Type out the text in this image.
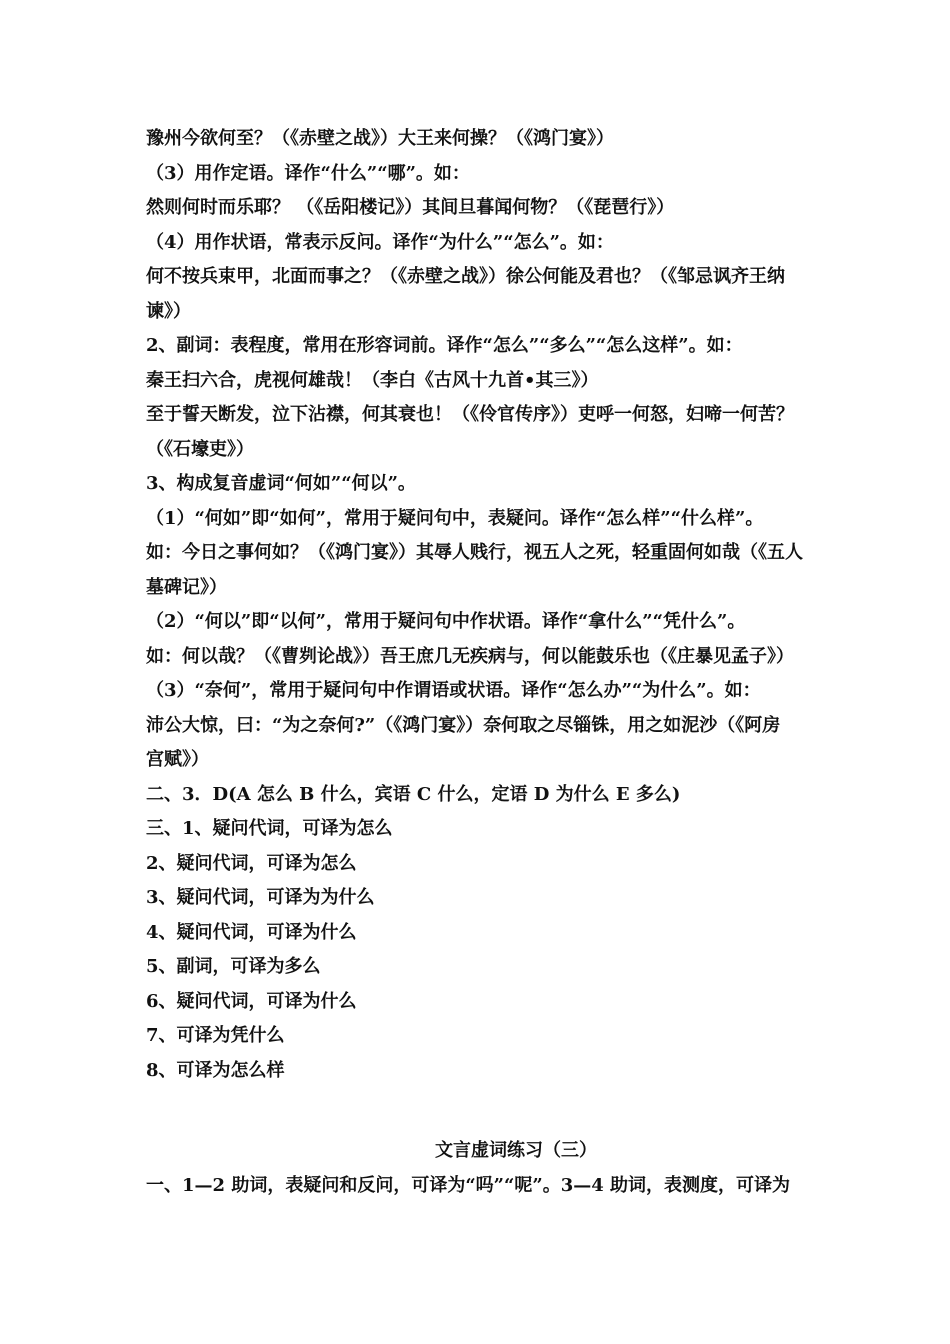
豫州今欲何至？（《赤壁之战》）大王来何操？（《鸿门宴》）
（3）用作定语。译作“什么”“哪”。如：
然则何时而乐耶？ （《岳阳楼记》）其间旦暮闻何物？（《琵琶行》）
（4）用作状语，常表示反问。译作“为什么”“怎么”。如：
何不按兵束甲，北面而事之？（《赤壁之战》）徐公何能及君也？（《邹忌讽齐王纳
谏》）
2、副词：表程度，常用在形容词前。译作“怎么”“多么”“怎么这样”。如：
秦王扫六合，虎视何雄哉！（李白《古风十九首•其三》）
至于誓天断发，泣下沾襟，何其衰也！（《伶官传序》）吏呼一何怒，妇啼一何苦？
（《石壕吏》）
3、构成复音虚词“何如”“何以”。
（1）“何如”即“如何”，常用于疑问句中，表疑问。译作“怎么样”“什么样”。
如：今日之事何如？（《鸿门宴》）其辱人贱行，视五人之死，轻重固何如哉（《五人
墓碑记》）
（2）“何以”即“以何”，常用于疑问句中作状语。译作“拿什么”“凭什么”。
如：何以哉？（《曹刿论战》）吾王庶几无疾病与，何以能鼓乐也（《庄暴见孟子》）
（3）“奈何”，常用于疑问句中作谓语或状语。译作“怎么办”“为什么”。如：
沛公大惊，曰：“为之奈何?”（《鸿门宴》）奈何取之尽锱铢，用之如泥沙（《阿房
宫赋》）
二、3．D(A 怎么 B 什么，宾语 C 什么，定语 D 为什么 E 多么)
三、1、疑问代词，可译为怎么
2、疑问代词，可译为怎么
3、疑问代词，可译为为什么
4、疑问代词，可译为什么
5、副词，可译为多么
6、疑问代词，可译为什么
7、可译为凭什么
8、可译为怎么样
文言虚词练习（三）
一、1—2 助词，表疑问和反问，可译为“吗”“呢”。3—4 助词，表测度，可译为
